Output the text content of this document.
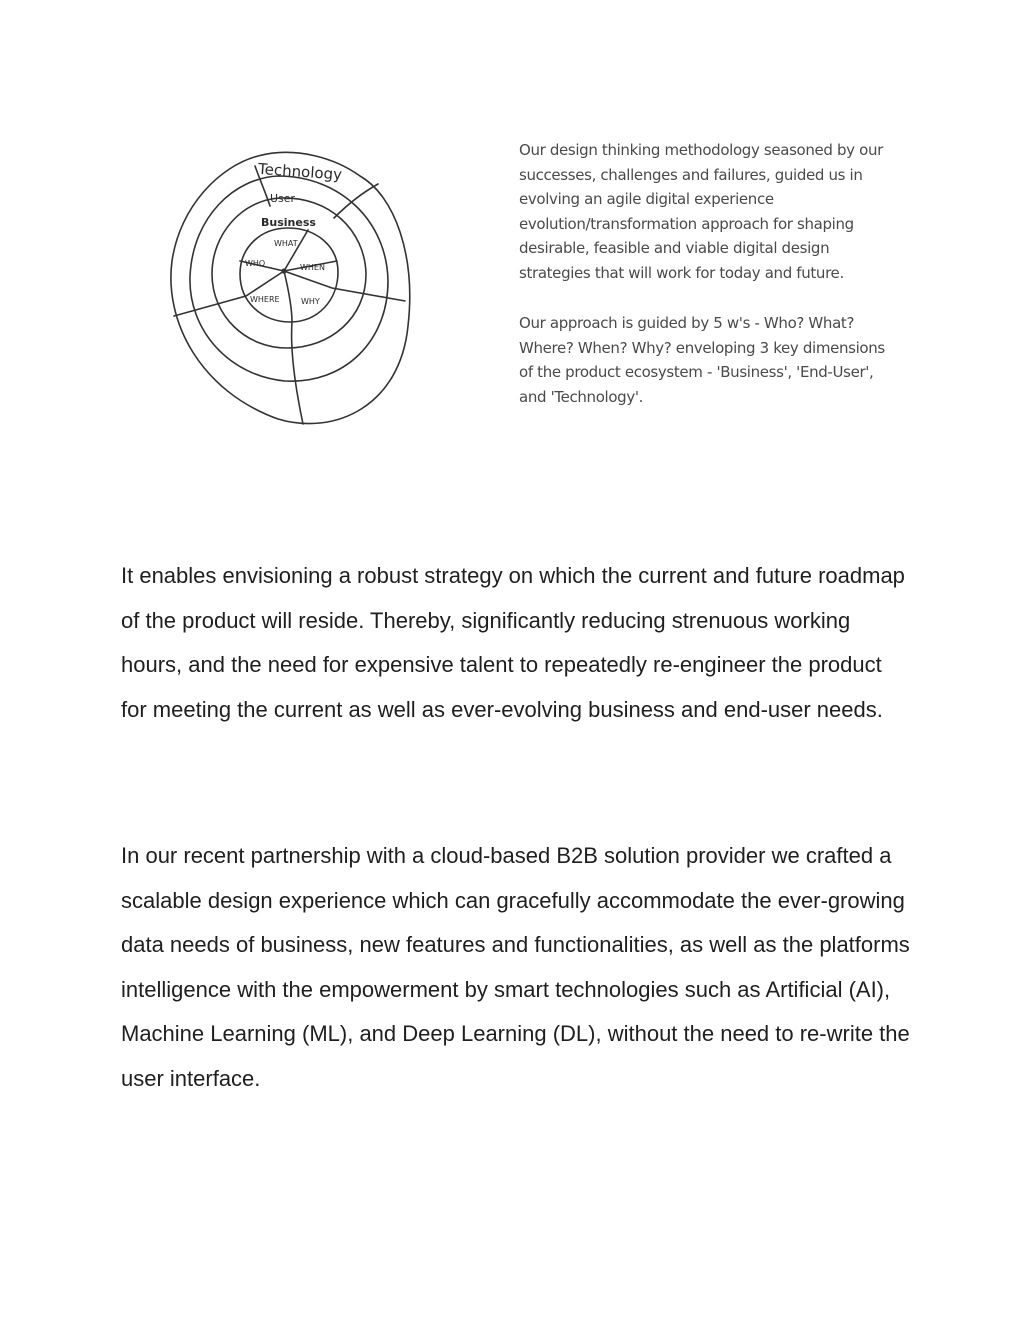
Technology
User
Business
WHAT
WHO	WHEN
WHERE	WHY

Our design thinking methodology seasoned by our successes, challenges and failures, guided us in evolving an agile digital experience evolution/transformation approach for shaping desirable, feasible and viable digital design strategies that will work for today and future.

Our approach is guided by 5 w's - Who? What? Where? When? Why? enveloping 3 key dimensions of the product ecosystem - 'Business', 'End-User', and 'Technology'.

It enables envisioning a robust strategy on which the current and future roadmap of the product will reside. Thereby, significantly reducing strenuous working hours, and the need for expensive talent to repeatedly re-engineer the product for meeting the current as well as ever-evolving business and end-user needs.

In our recent partnership with a cloud-based B2B solution provider we crafted a scalable design experience which can gracefully accommodate the ever-growing data needs of business, new features and functionalities, as well as the platforms intelligence with the empowerment by smart technologies such as Artificial (AI), Machine Learning (ML), and Deep Learning (DL), without the need to re-write the user interface.
